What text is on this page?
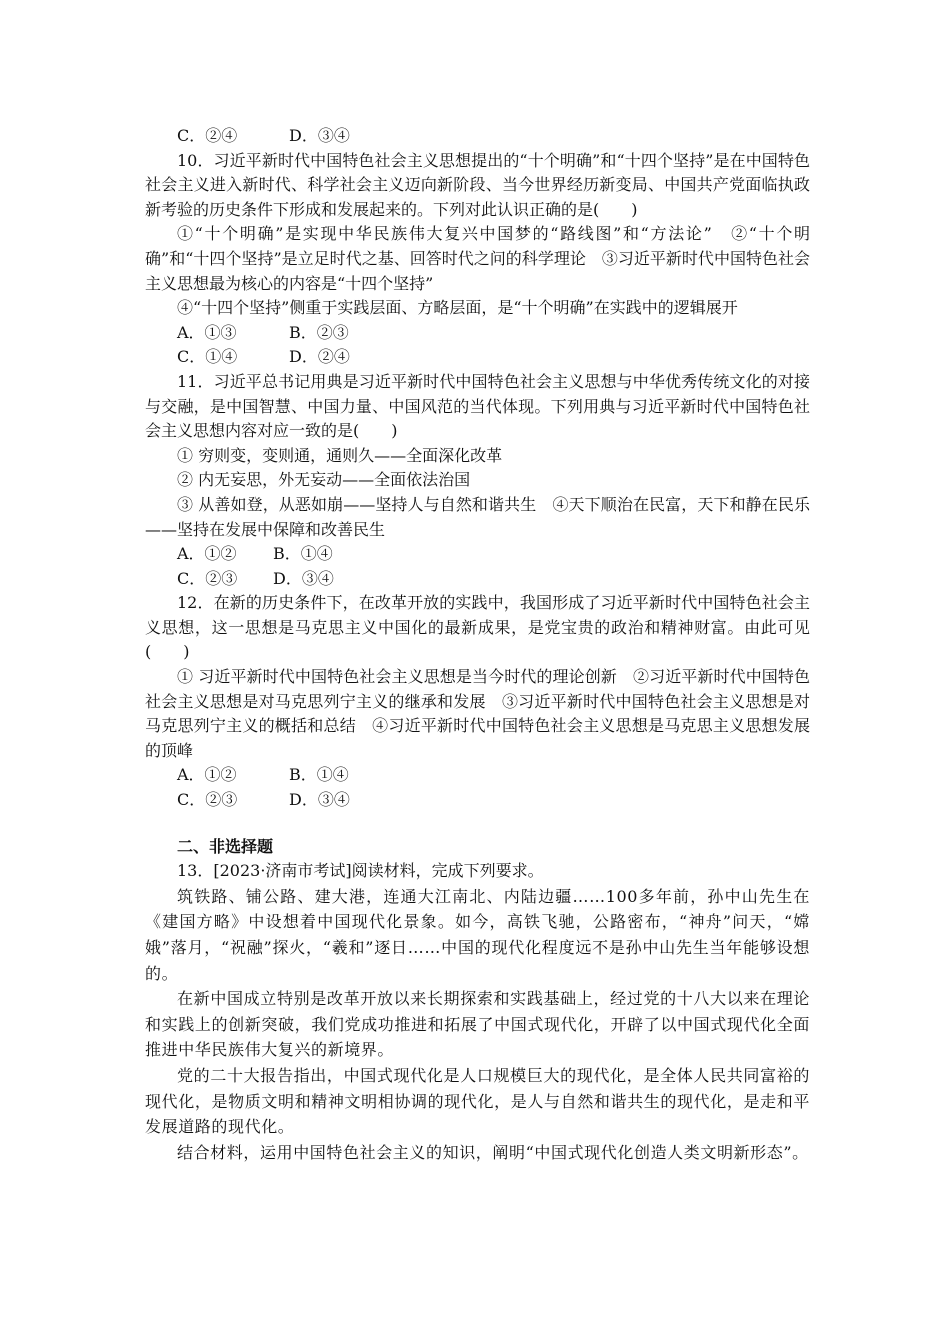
C．②④	D．③④

10．习近平新时代中国特色社会主义思想提出的“十个明确”和“十四个坚持”是在中国特色社会主义进入新时代、科学社会主义迈向新阶段、当今世界经历新变局、中国共产党面临执政新考验的历史条件下形成和发展起来的。下列对此认识正确的是(　　)

①“十个明确”是实现中华民族伟大复兴中国梦的“路线图”和“方法论”　②“十个明确”和“十四个坚持”是立足时代之基、回答时代之问的科学理论　③习近平新时代中国特色社会主义思想最为核心的内容是“十四个坚持”

④“十四个坚持”侧重于实践层面、方略层面，是“十个明确”在实践中的逻辑展开

A．①③	B．②③

C．①④	D．②④

11．习近平总书记用典是习近平新时代中国特色社会主义思想与中华优秀传统文化的对接与交融，是中国智慧、中国力量、中国风范的当代体现。下列用典与习近平新时代中国特色社会主义思想内容对应一致的是(　　)

① 穷则变，变则通，通则久——全面深化改革

② 内无妄思，外无妄动——全面依法治国

③ 从善如登，从恶如崩——坚持人与自然和谐共生　④天下顺治在民富，天下和静在民乐——坚持在发展中保障和改善民生

A．①② B．①④

C．②③ D．③④

12．在新的历史条件下，在改革开放的实践中，我国形成了习近平新时代中国特色社会主义思想，这一思想是马克思主义中国化的最新成果，是党宝贵的政治和精神财富。由此可见(　　)

① 习近平新时代中国特色社会主义思想是当今时代的理论创新　②习近平新时代中国特色社会主义思想是对马克思列宁主义的继承和发展　③习近平新时代中国特色社会主义思想是对马克思列宁主义的概括和总结　④习近平新时代中国特色社会主义思想是马克思主义思想发展的顶峰

A．①②	B．①④

C．②③	D．③④

二、非选择题

13．[2023·济南市考试]阅读材料，完成下列要求。

筑铁路、铺公路、建大港，连通大江南北、内陆边疆……100多年前，孙中山先生在《建国方略》中设想着中国现代化景象。如今，高铁飞驰，公路密布，“神舟”问天，“嫦娥”落月，“祝融”探火，“羲和”逐日……中国的现代化程度远不是孙中山先生当年能够设想的。

在新中国成立特别是改革开放以来长期探索和实践基础上，经过党的十八大以来在理论和实践上的创新突破，我们党成功推进和拓展了中国式现代化，开辟了以中国式现代化全面推进中华民族伟大复兴的新境界。

党的二十大报告指出，中国式现代化是人口规模巨大的现代化，是全体人民共同富裕的现代化，是物质文明和精神文明相协调的现代化，是人与自然和谐共生的现代化，是走和平发展道路的现代化。

结合材料，运用中国特色社会主义的知识，阐明“中国式现代化创造人类文明新形态”。
